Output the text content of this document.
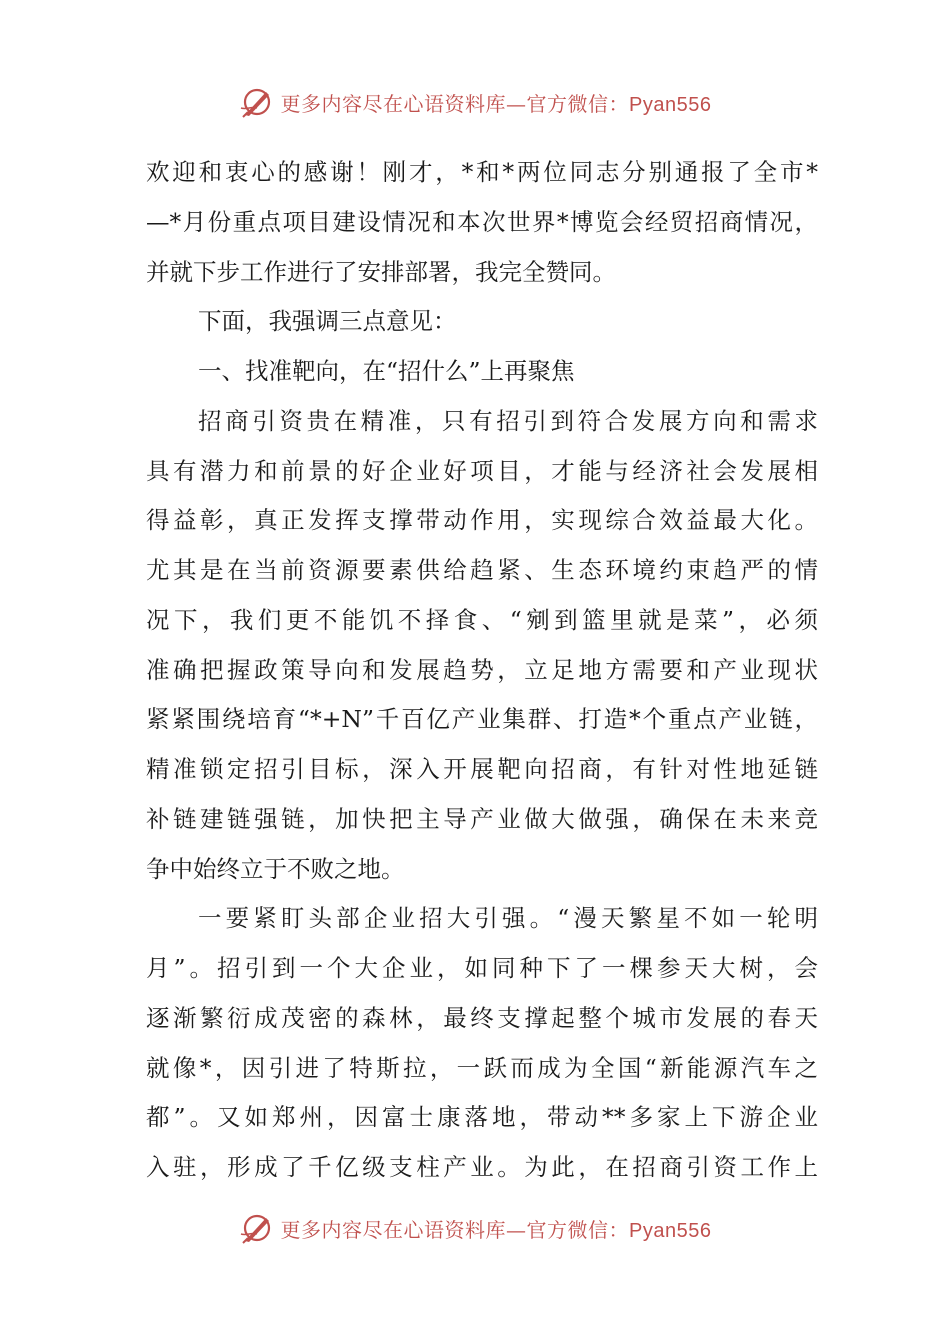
更多内容尽在心语资料库—官方微信：Pyan556
欢迎和衷心的感谢！刚才，*和*两位同志分别通报了全市*
—*月份重点项目建设情况和本次世界*博览会经贸招商情况，
并就下步工作进行了安排部署，我完全赞同。
下面，我强调三点意见：
一、找准靶向，在“招什么”上再聚焦
招商引资贵在精准，只有招引到符合发展方向和需求
具有潜力和前景的好企业好项目，才能与经济社会发展相
得益彰，真正发挥支撑带动作用，实现综合效益最大化。
尤其是在当前资源要素供给趋紧、生态环境约束趋严的情
况下，我们更不能饥不择食、“剜到篮里就是菜”，必须
准确把握政策导向和发展趋势，立足地方需要和产业现状
紧紧围绕培育“*+N”千百亿产业集群、打造*个重点产业链，
精准锁定招引目标，深入开展靶向招商，有针对性地延链
补链建链强链，加快把主导产业做大做强，确保在未来竞
争中始终立于不败之地。
一要紧盯头部企业招大引强。“漫天繁星不如一轮明
月”。招引到一个大企业，如同种下了一棵参天大树，会
逐渐繁衍成茂密的森林，最终支撑起整个城市发展的春天
就像*，因引进了特斯拉，一跃而成为全国“新能源汽车之
都”。又如郑州，因富士康落地，带动**多家上下游企业
入驻，形成了千亿级支柱产业。为此，在招商引资工作上
更多内容尽在心语资料库—官方微信：Pyan556
